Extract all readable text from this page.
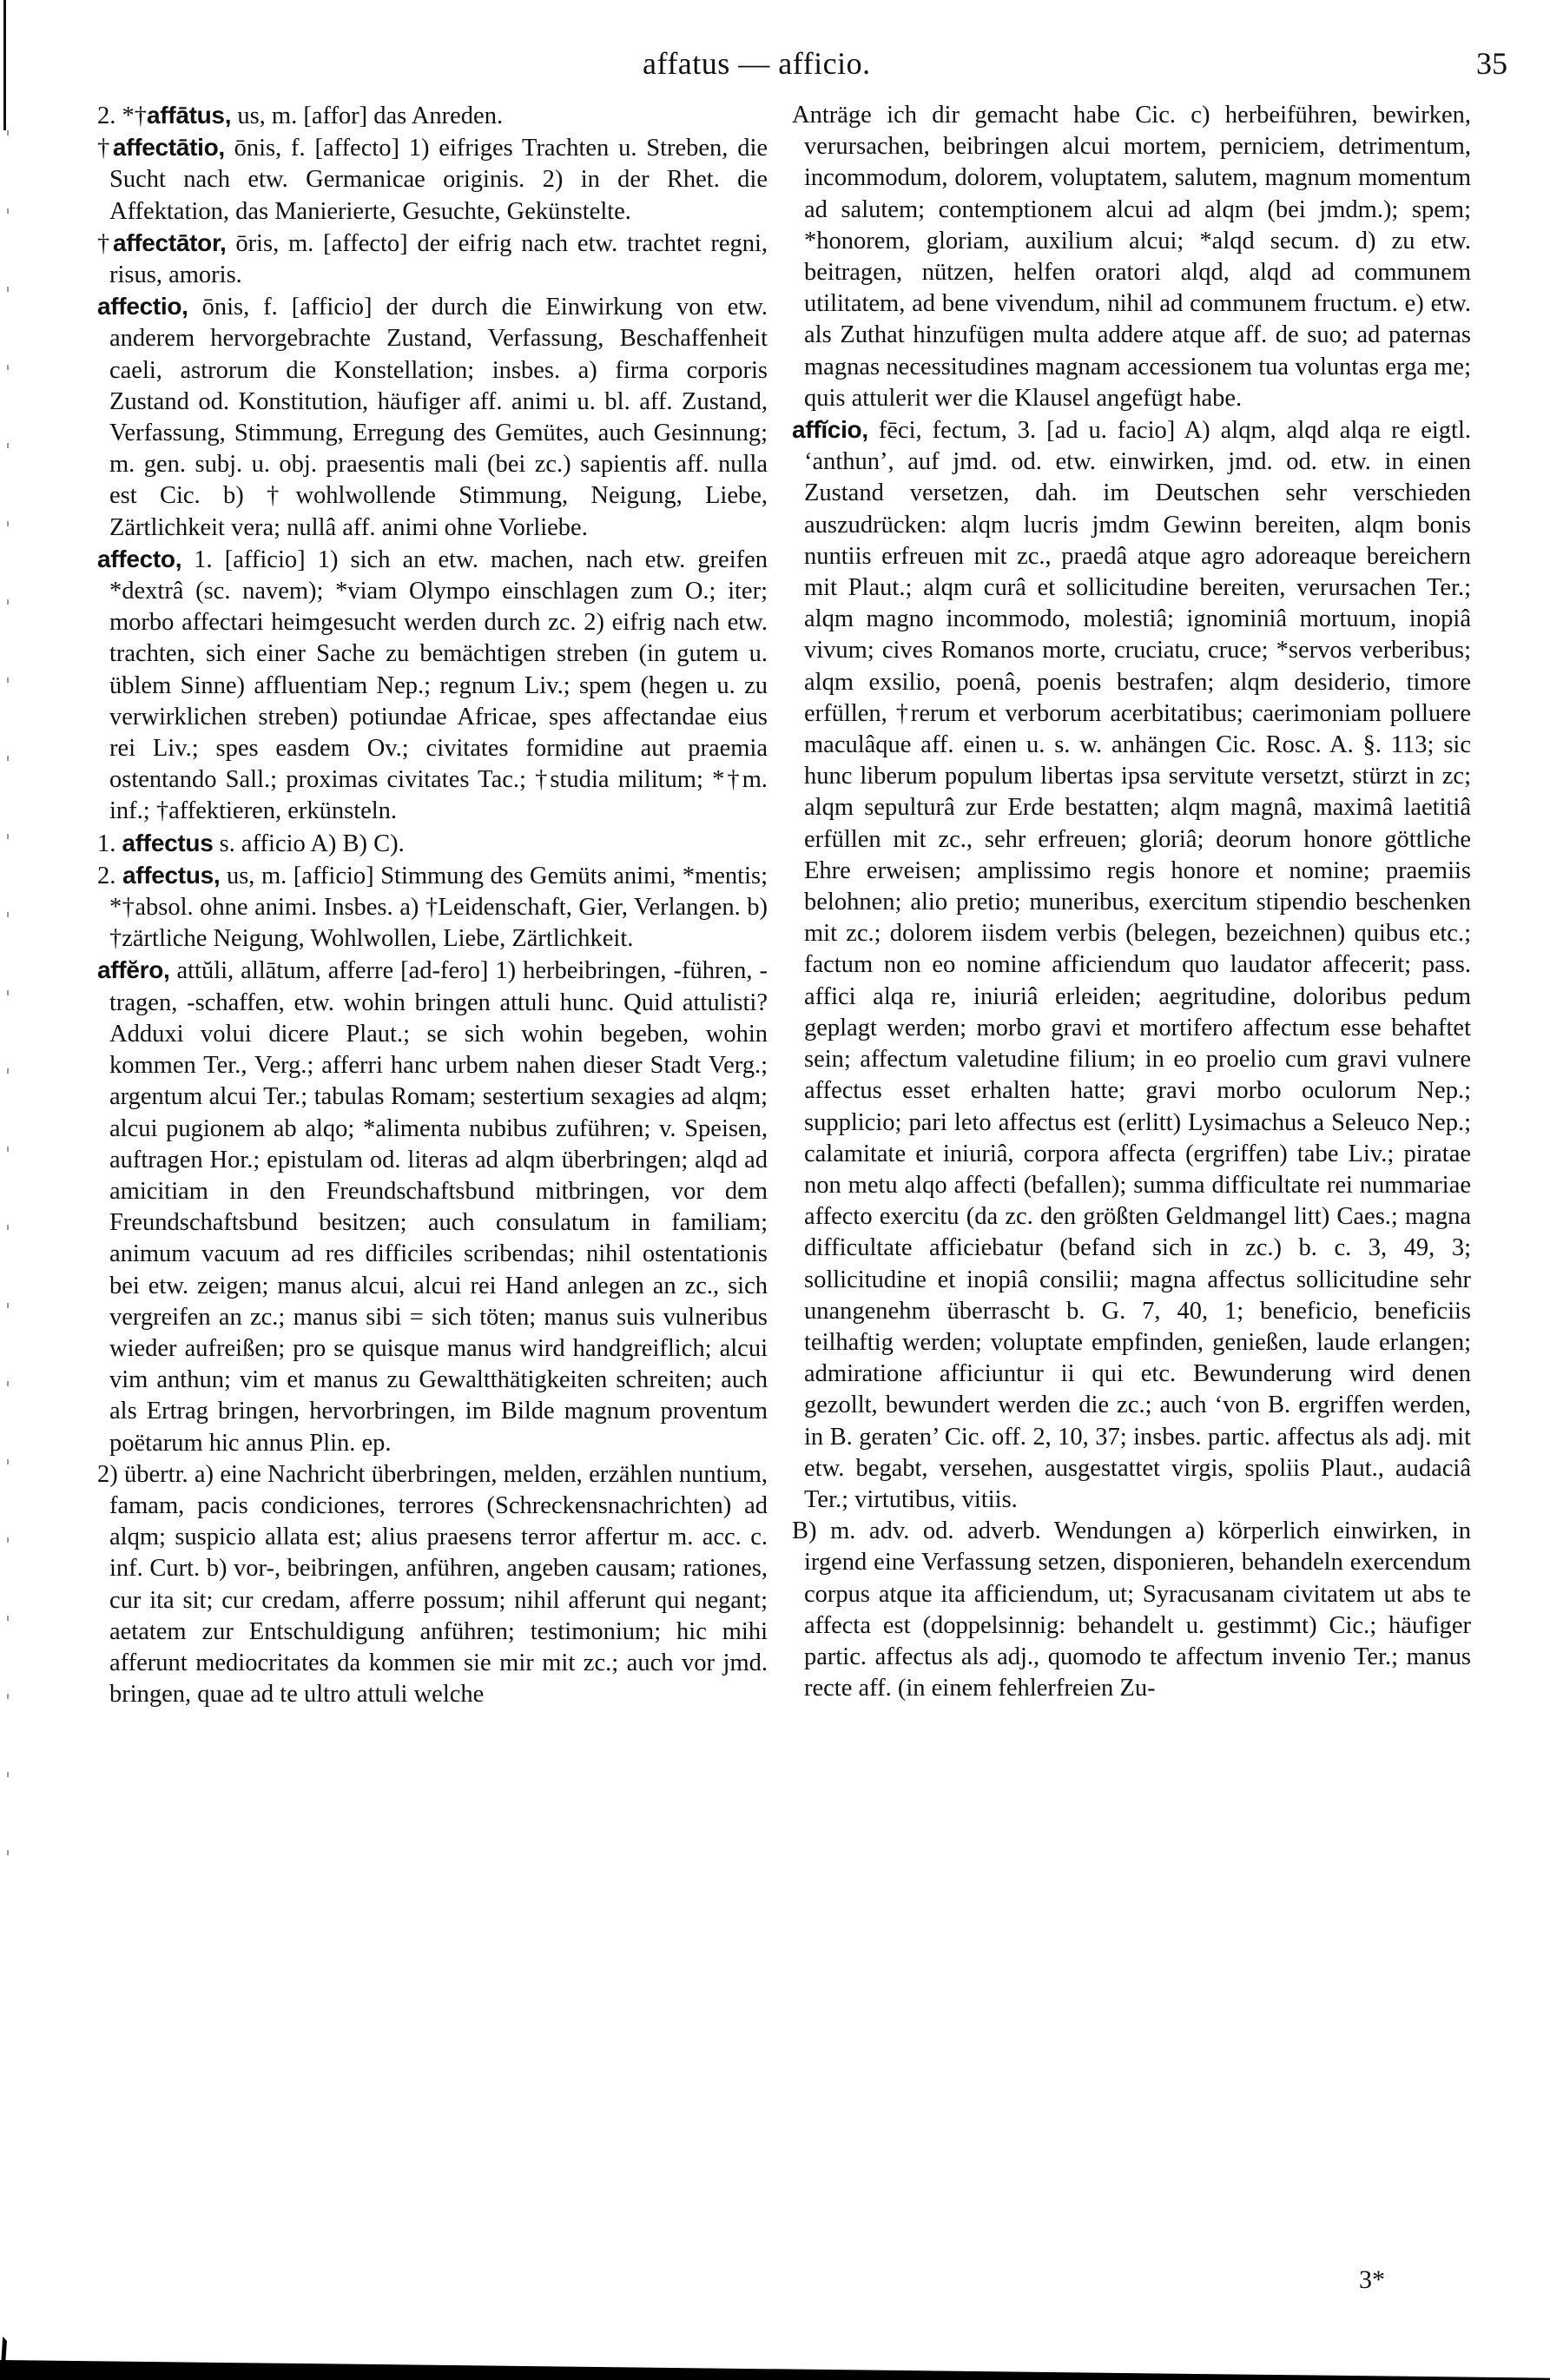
affatus — afficio.	35

2. *†affātus, us, m. [affor] das Anreden.

†affectātio, ōnis, f. [affecto] 1) eifriges Trachten u. Streben, die Sucht nach etw. Germanicae originis. 2) in der Rhet. die Affektation, das Manierierte, Gesuchte, Gekünstelte.

†affectātor, ōris, m. [affecto] der eifrig nach etw. trachtet regni, risus, amoris.

affectio, ōnis, f. [afficio] der durch die Einwirkung von etw. anderem hervorgebrachte Zustand, Verfassung, Beschaffenheit caeli, astrorum die Konstellation; insbes. a) firma corporis Zustand od. Konstitution, häufiger aff. animi u. bl. aff. Zustand, Verfassung, Stimmung, Erregung des Gemütes, auch Gesinnung; m. gen. subj. u. obj. praesentis mali (bei zc.) sapientis aff. nulla est Cic. b) †wohlwollende Stimmung, Neigung, Liebe, Zärtlichkeit vera; nullâ aff. animi ohne Vorliebe.

affecto, 1. [afficio] 1) sich an etw. machen, nach etw. greifen *dextrâ (sc. navem); *viam Olympo einschlagen zum O.; iter; morbo affectari heimgesucht werden durch zc. 2) eifrig nach etw. trachten, sich einer Sache zu bemächtigen streben (in gutem u. üblem Sinne) affluentiam Nep.; regnum Liv.; spem (hegen u. zu verwirklichen streben) potiundae Africae, spes affectandae eius rei Liv.; spes easdem Ov.; civitates formidine aut praemia ostentando Sall.; proximas civitates Tac.; †studia militum; *†m. inf.; †affektieren, erkünsteln.

1. affectus s. afficio A) B) C).

2. affectus, us, m. [afficio] Stimmung des Gemüts animi, *mentis; *†absol. ohne animi. Insbes. a) †Leidenschaft, Gier, Verlangen. b) †zärtliche Neigung, Wohlwollen, Liebe, Zärtlichkeit.

affĕro, attŭli, allātum, afferre [ad-fero] 1) herbeibringen, -führen, -tragen, -schaffen, etw. wohin bringen attuli hunc. Quid attulisti? Adduxi volui dicere Plaut.; se sich wohin begeben, wohin kommen Ter., Verg.; afferri hanc urbem nahen dieser Stadt Verg.; argentum alcui Ter.; tabulas Romam; sestertium sexagies ad alqm; alcui pugionem ab alqo; *alimenta nubibus zuführen; v. Speisen, auftragen Hor.; epistulam od. literas ad alqm überbringen; alqd ad amicitiam in den Freundschaftsbund mitbringen, vor dem Freundschaftsbund besitzen; auch consulatum in familiam; animum vacuum ad res difficiles scribendas; nihil ostentationis bei etw. zeigen; manus alcui, alcui rei Hand anlegen an zc., sich vergreifen an zc.; manus sibi = sich töten; manus suis vulneribus wieder aufreißen; pro se quisque manus wird handgreiflich; alcui vim anthun; vim et manus zu Gewaltthätigkeiten schreiten; auch als Ertrag bringen, hervorbringen, im Bilde magnum proventum poëtarum hic annus Plin. ep.

2) übertr. a) eine Nachricht überbringen, melden, erzählen nuntium, famam, pacis condiciones, terrores (Schreckensnachrichten) ad alqm; suspicio allata est; alius praesens terror affertur m. acc. c. inf. Curt. b) vor-, beibringen, anführen, angeben causam; rationes, cur ita sit; cur credam, afferre possum; nihil afferunt qui negant; aetatem zur Entschuldigung anführen; testimonium; hic mihi afferunt mediocritates da kommen sie mir mit zc.; auch vor jmd. bringen, quae ad te ultro attuli welche

Anträge ich dir gemacht habe Cic. c) herbeiführen, bewirken, verursachen, beibringen alcui mortem, perniciem, detrimentum, incommodum, dolorem, voluptatem, salutem, magnum momentum ad salutem; contemptionem alcui ad alqm (bei jmdm.); spem; *honorem, gloriam, auxilium alcui; *alqd secum. d) zu etw. beitragen, nützen, helfen oratori alqd, alqd ad communem utilitatem, ad bene vivendum, nihil ad communem fructum. e) etw. als Zuthat hinzufügen multa addere atque aff. de suo; ad paternas magnas necessitudines magnam accessionem tua voluntas erga me; quis attulerit wer die Klausel angefügt habe.

affĭcio, fēci, fectum, 3. [ad u. facio] A) alqm, alqd alqa re eigtl. ‘anthun’, auf jmd. od. etw. einwirken, jmd. od. etw. in einen Zustand versetzen, dah. im Deutschen sehr verschieden auszudrücken: alqm lucris jmdm Gewinn bereiten, alqm bonis nuntiis erfreuen mit zc., praedâ atque agro adoreaque bereichern mit Plaut.; alqm curâ et sollicitudine bereiten, verursachen Ter.; alqm magno incommodo, molestiâ; ignominiâ mortuum, inopiâ vivum; cives Romanos morte, cruciatu, cruce; *servos verberibus; alqm exsilio, poenâ, poenis bestrafen; alqm desiderio, timore erfüllen, †rerum et verborum acerbitatibus; caerimoniam polluere maculâque aff. einen u. s. w. anhängen Cic. Rosc. A. §. 113; sic hunc liberum populum libertas ipsa servitute versetzt, stürzt in zc; alqm sepulturâ zur Erde bestatten; alqm magnâ, maximâ laetitiâ erfüllen mit zc., sehr erfreuen; gloriâ; deorum honore göttliche Ehre erweisen; amplissimo regis honore et nomine; praemiis belohnen; alio pretio; muneribus, exercitum stipendio beschenken mit zc.; dolorem iisdem verbis (belegen, bezeichnen) quibus etc.; factum non eo nomine afficiendum quo laudator affecerit; pass. affici alqa re, iniuriâ erleiden; aegritudine, doloribus pedum geplagt werden; morbo gravi et mortifero affectum esse behaftet sein; affectum valetudine filium; in eo proelio cum gravi vulnere affectus esset erhalten hatte; gravi morbo oculorum Nep.; supplicio; pari leto affectus est (erlitt) Lysimachus a Seleuco Nep.; calamitate et iniuriâ, corpora affecta (ergriffen) tabe Liv.; piratae non metu alqo affecti (befallen); summa difficultate rei nummariae affecto exercitu (da zc. den größten Geldmangel litt) Caes.; magna difficultate afficiebatur (befand sich in zc.) b. c. 3, 49, 3; sollicitudine et inopiâ consilii; magna affectus sollicitudine sehr unangenehm überrascht b. G. 7, 40, 1; beneficio, beneficiis teilhaftig werden; voluptate empfinden, genießen, laude erlangen; admiratione afficiuntur ii qui etc. Bewunderung wird denen gezollt, bewundert werden die zc.; auch ‘von B. ergriffen werden, in B. geraten’ Cic. off. 2, 10, 37; insbes. partic. affectus als adj. mit etw. begabt, versehen, ausgestattet virgis, spoliis Plaut., audaciâ Ter.; virtutibus, vitiis.

B) m. adv. od. adverb. Wendungen a) körperlich einwirken, in irgend eine Verfassung setzen, disponieren, behandeln exercendum corpus atque ita afficiendum, ut; Syracusanam civitatem ut abs te affecta est (doppelsinnig: behandelt u. gestimmt) Cic.; häufiger partic. affectus als adj., quomodo te affectum invenio Ter.; manus recte aff. (in einem fehlerfreien Zu-

3*
